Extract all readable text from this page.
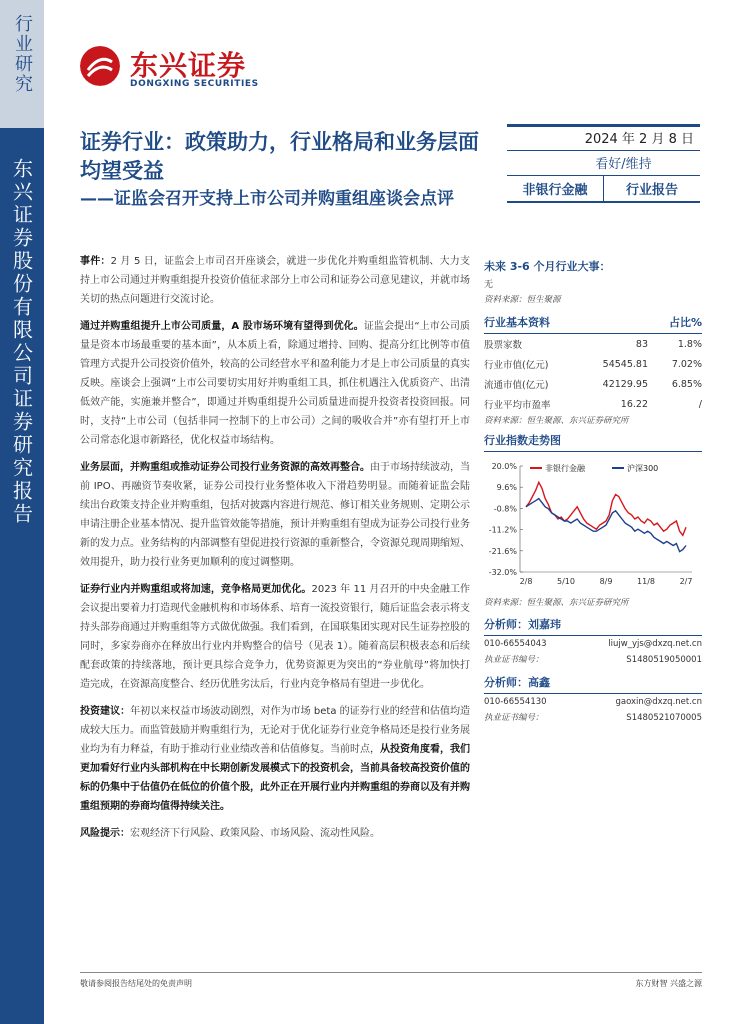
行业研究
东兴证券股份有限公司证券研究报告
东兴证券
DONGXING SECURITIES
证券行业：政策助力，行业格局和业务层面均望受益
——证监会召开支持上市公司并购重组座谈会点评
2024 年 2 月 8 日
看好/维持
非银行金融	行业报告

事件：2 月 5 日，证监会上市司召开座谈会，就进一步优化并购重组监管机制、大力支持上市公司通过并购重组提升投资价值征求部分上市公司和证券公司意见建议，并就市场关切的热点问题进行交流讨论。

通过并购重组提升上市公司质量，A 股市场环境有望得到优化。证监会提出“上市公司质量是资本市场最重要的基本面”，从本质上看，除通过增持、回购、提高分红比例等市值管理方式提升公司投资价值外，较高的公司经营水平和盈利能力才是上市公司质量的真实反映。座谈会上强调“上市公司要切实用好并购重组工具，抓住机遇注入优质资产、出清低效产能，实施兼并整合”，即通过并购重组提升公司质量进而提升投资者投资回报。同时，支持“上市公司（包括非同一控制下的上市公司）之间的吸收合并”亦有望打开上市公司常态化退市新路径，优化权益市场结构。

业务层面，并购重组或推动证券公司投行业务资源的高效再整合。由于市场持续波动，当前 IPO、再融资节奏收紧，证券公司投行业务整体收入下滑趋势明显。而随着证监会陆续出台政策支持企业并购重组，包括对披露内容进行规范、修订相关业务规则、定期公示申请注册企业基本情况、提升监管效能等措施，预计并购重组有望成为证券公司投行业务新的发力点。业务结构的内部调整有望促进投行资源的重新整合，令资源兑现周期缩短、效用提升，助力投行业务更加顺利的度过调整期。

证券行业内并购重组或将加速，竞争格局更加优化。2023 年 11 月召开的中央金融工作会议提出要着力打造现代金融机构和市场体系、培育一流投资银行，随后证监会表示将支持头部券商通过并购重组等方式做优做强。我们看到，在国联集团实现对民生证券控股的同时，多家券商亦在释放出行业内并购整合的信号（见表 1）。随着高层积极表态和后续配套政策的持续落地，预计更具综合竞争力，优势资源更为突出的“券业航母”将加快打造完成，在资源高度整合、经历优胜劣汰后，行业内竞争格局有望进一步优化。

投资建议：年初以来权益市场波动剧烈，对作为市场 beta 的证券行业的经营和估值均造成较大压力。而监管鼓励并购重组行为，无论对于优化证券行业竞争格局还是投行业务展业均为有力释益，有助于推动行业业绩改善和估值修复。当前时点，从投资角度看，我们更加看好行业内头部机构在中长期创新发展模式下的投资机会，当前具备较高投资价值的标的仍集中于估值仍在低位的价值个股，此外正在开展行业内并购重组的券商以及有并购重组预期的券商均值得持续关注。

风险提示：宏观经济下行风险、政策风险、市场风险、流动性风险。

未来 3-6 个月行业大事：
无
资料来源：恒生聚源
行业基本资料	占比%
股票家数	83	1.8%
行业市值(亿元)	54545.81	7.02%
流通市值(亿元)	42129.95	6.85%
行业平均市盈率	16.22	/
资料来源：恒生聚源、东兴证券研究所
行业指数走势图
20.0%
9.6%
-0.8%
-11.2%
-21.6%
-32.0%
2/8	5/10	8/9	11/8	2/7
非银行金融	沪深300
资料来源：恒生聚源、东兴证券研究所
分析师：刘嘉玮
010-66554043	liujw_yjs@dxzq.net.cn
执业证书编号：	S1480519050001
分析师：高鑫
010-66554130	gaoxin@dxzq.net.cn
执业证书编号：	S1480521070005
敬请参阅报告结尾处的免责声明	东方财智 兴盛之源
